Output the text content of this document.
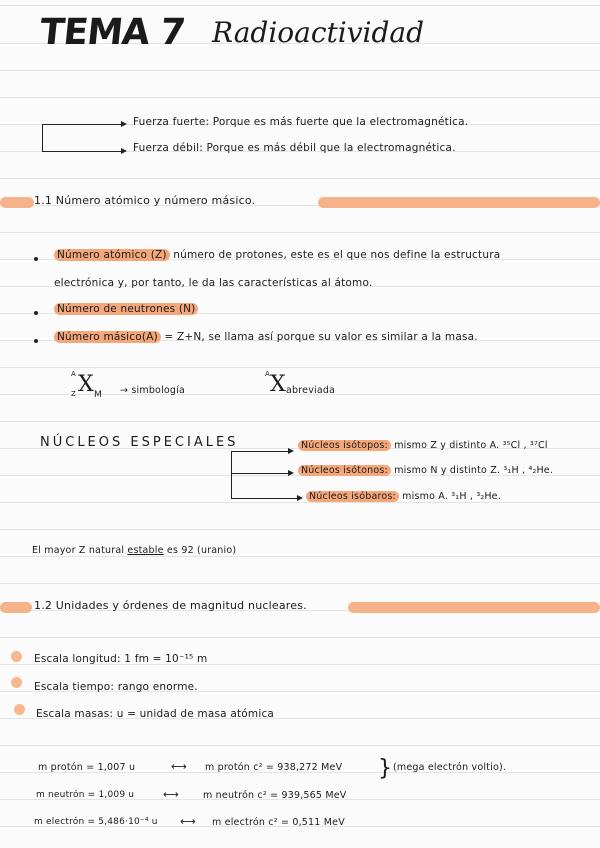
TEMA 7 Radioactividad
Fuerza fuerte: Porque es más fuerte que la electromagnética.
Fuerza débil: Porque es más débil que la electromagnética.
1.1 Número atómico y número másico.
Número atómico (Z) número de protones, este es el que nos define la estructura
electrónica y, por tanto, le da las características al átomo.
Número de neutrones (N)
Número másico(A) = Z+N, se llama así porque su valor es similar a la masa.
A
Z X M → simbología
A X abreviada
NÚCLEOS ESPECIALES	Núcleos isótopos: mismo Z y distinto A. ³⁵Cl , ³⁷Cl
Núcleos isótonos: mismo N y distinto Z. ³₁H , ⁴₂He.
Núcleos isóbaros: mismo A. ³₁H , ³₂He.
El mayor Z natural estable es 92 (uranio)
1.2 Unidades y órdenes de magnitud nucleares.
Escala longitud: 1 fm = 10⁻¹⁵ m
Escala tiempo: rango enorme.
Escala masas: u = unidad de masa atómica
m protón = 1,007 u	⟷ m protón c² = 938,272 MeV } (mega electrón voltio).
m neutrón = 1,009 u	⟷	m neutrón c² = 939,565 MeV
m electrón = 5,486·10⁻⁴ u ⟷ m electrón c² = 0,511 MeV
